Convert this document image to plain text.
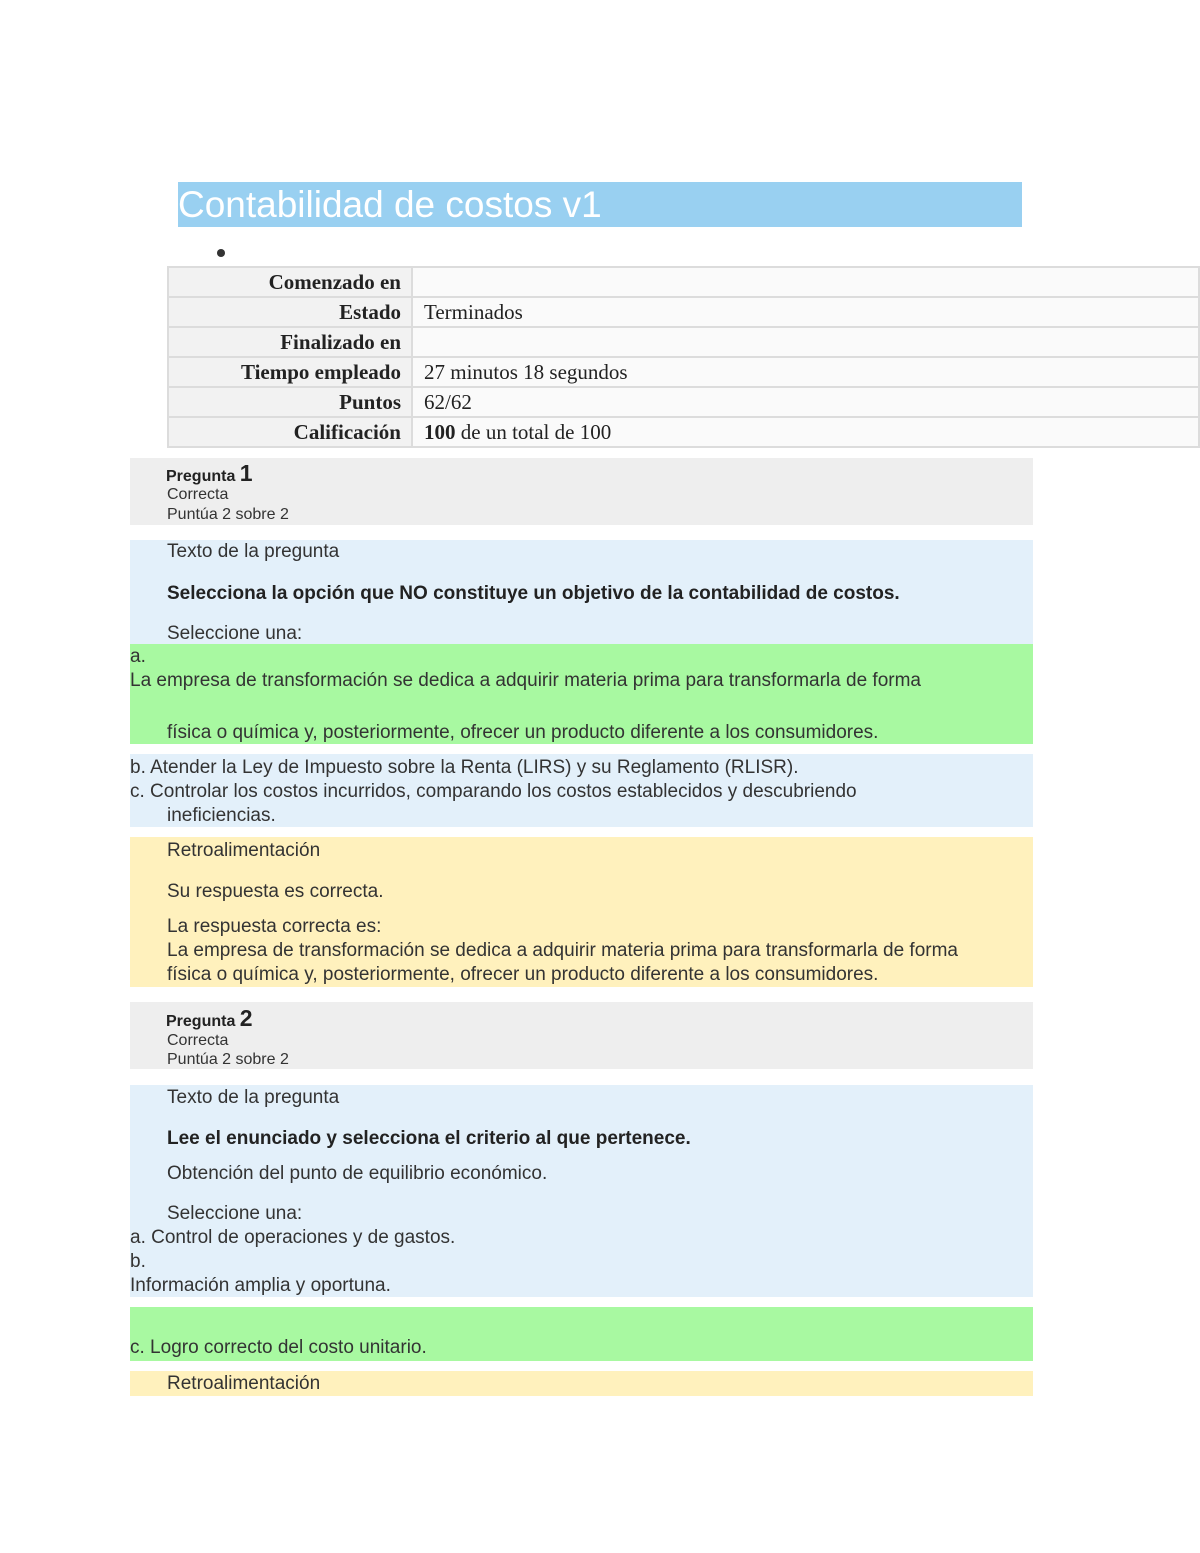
Contabilidad de costos v1
Comenzado en	
Estado	Terminados
Finalizado en	
Tiempo empleado	27 minutos 18 segundos
Puntos	62/62
Calificación	100 de un total de 100
Pregunta 1
Correcta
Puntúa 2 sobre 2
Texto de la pregunta
Selecciona la opción que NO constituye un objetivo de la contabilidad de costos.
Seleccione una:
a.
La empresa de transformación se dedica a adquirir materia prima para transformarla de forma
física o química y, posteriormente, ofrecer un producto diferente a los consumidores.
b. Atender la Ley de Impuesto sobre la Renta (LIRS) y su Reglamento (RLISR).
c. Controlar los costos incurridos, comparando los costos establecidos y descubriendo
ineficiencias.
Retroalimentación
Su respuesta es correcta.
La respuesta correcta es:
La empresa de transformación se dedica a adquirir materia prima para transformarla de forma
física o química y, posteriormente, ofrecer un producto diferente a los consumidores.
Pregunta 2
Correcta
Puntúa 2 sobre 2
Texto de la pregunta
Lee el enunciado y selecciona el criterio al que pertenece.
Obtención del punto de equilibrio económico.
Seleccione una:
a. Control de operaciones y de gastos.
b.
Información amplia y oportuna.
c. Logro correcto del costo unitario.
Retroalimentación
